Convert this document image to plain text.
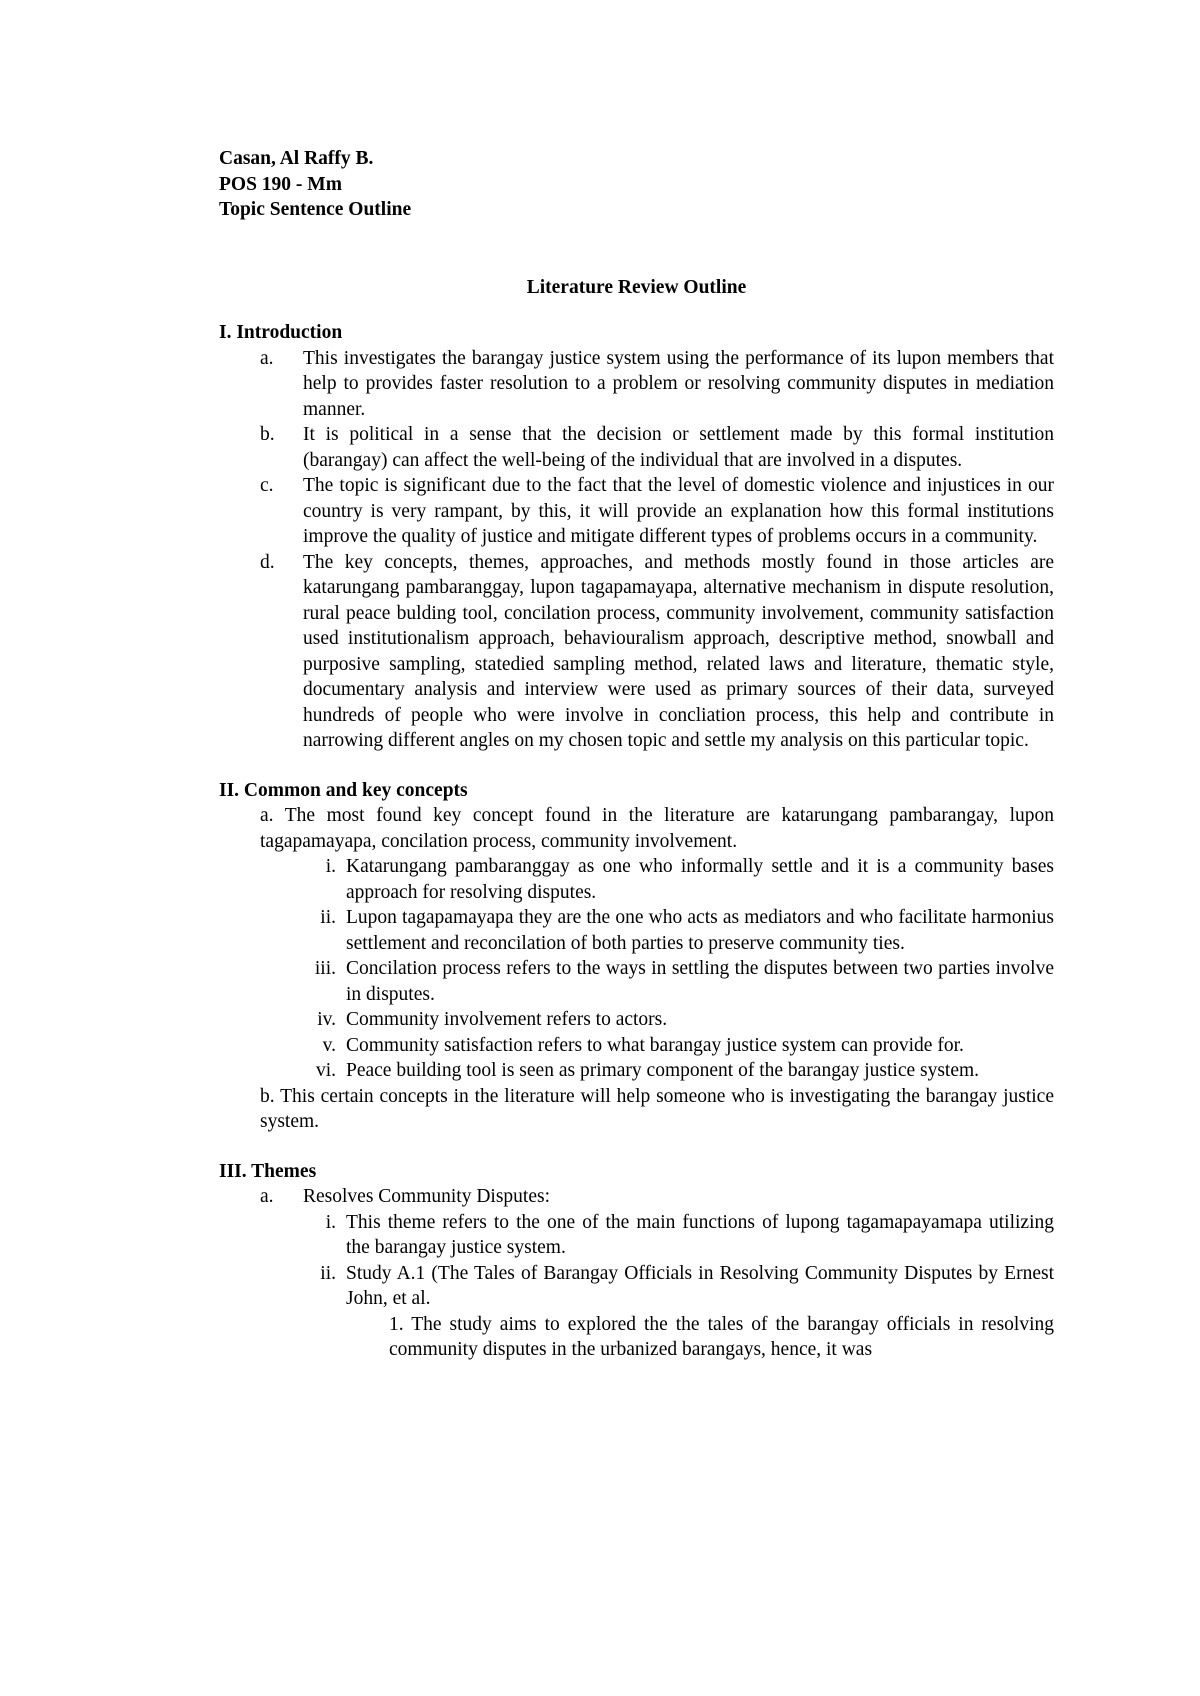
Casan, Al Raffy B.
POS 190 - Mm
Topic Sentence Outline
Literature Review Outline
I. Introduction
a.	This investigates the barangay justice system using the performance of its lupon members that help to provides faster resolution to a problem or resolving community disputes in mediation manner.
b.	It is political in a sense that the decision or settlement made by this formal institution (barangay) can affect the well-being of the individual that are involved in a disputes.
c.	The topic is significant due to the fact that the level of domestic violence and injustices in our country is very rampant, by this, it will provide an explanation how this formal institutions improve the quality of justice and mitigate different types of problems occurs in a community.
d.	The key concepts, themes, approaches, and methods mostly found in those articles are katarungang pambaranggay, lupon tagapamayapa, alternative mechanism in dispute resolution, rural peace bulding tool, concilation process, community involvement, community satisfaction used institutionalism approach, behaviouralism approach, descriptive method, snowball and purposive sampling, statedied sampling method, related laws and literature, thematic style, documentary analysis and interview were used as primary sources of their data, surveyed hundreds of people who were involve in concliation process, this help and contribute in narrowing different angles on my chosen topic and settle my analysis on this particular topic.
II. Common and key concepts
a. The most found key concept found in the literature are katarungang pambarangay, lupon tagapamayapa, concilation process, community involvement.
i. Katarungang pambaranggay as one who informally settle and it is a community bases approach for resolving disputes.
ii. Lupon tagapamayapa they are the one who acts as mediators and who facilitate harmonius settlement and reconcilation of both parties to preserve community ties.
iii. Concilation process refers to the ways in settling the disputes between two parties involve in disputes.
iv. Community involvement refers to actors.
v. Community satisfaction refers to what barangay justice system can provide for.
vi. Peace building tool is seen as primary component of the barangay justice system.
b. This certain concepts in the literature will help someone who is investigating the barangay justice system.
III. Themes
a.	Resolves Community Disputes:
i. This theme refers to the one of the main functions of lupong tagamapayamapa utilizing the barangay justice system.
ii. Study A.1 (The Tales of Barangay Officials in Resolving Community Disputes by Ernest John, et al.
1. The study aims to explored the the tales of the barangay officials in resolving community disputes in the urbanized barangays, hence, it was
